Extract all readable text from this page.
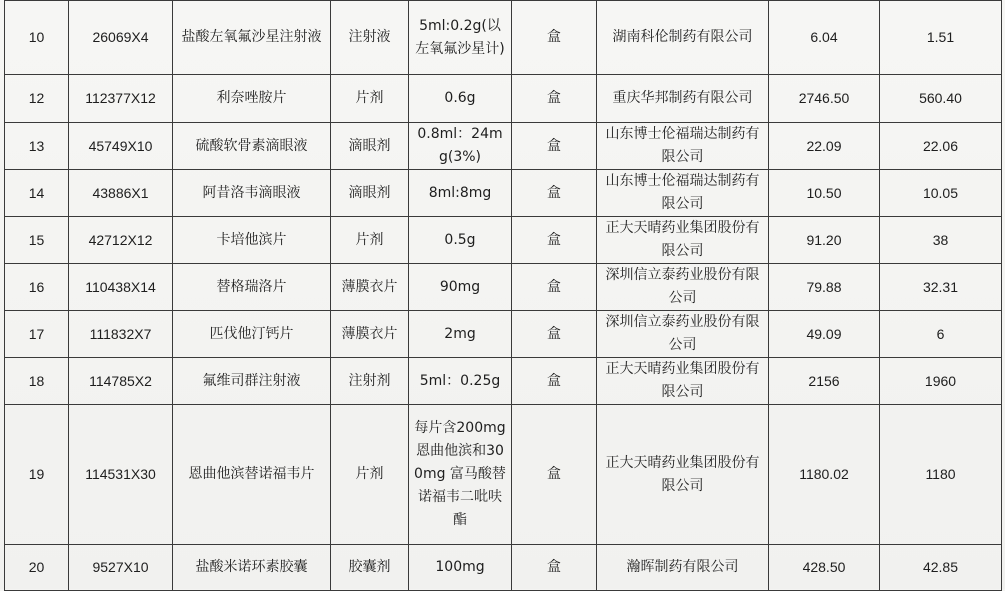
10	26069X4	盐酸左氧氟沙星注射液	注射液	5ml:0.2g(以左氧氟沙星计)	盒	湖南科伦制药有限公司	6.04	1.51
12	112377X12	利奈唑胺片	片剂	0.6g	盒	重庆华邦制药有限公司	2746.50	560.40
13	45749X10	硫酸软骨素滴眼液	滴眼剂	0.8ml：24mg(3%)	盒	山东博士伦福瑞达制药有限公司	22.09	22.06
14	43886X1	阿昔洛韦滴眼液	滴眼剂	8ml:8mg	盒	山东博士伦福瑞达制药有限公司	10.50	10.05
15	42712X12	卡培他滨片	片剂	0.5g	盒	正大天晴药业集团股份有限公司	91.20	38
16	110438X14	替格瑞洛片	薄膜衣片	90mg	盒	深圳信立泰药业股份有限公司	79.88	32.31
17	111832X7	匹伐他汀钙片	薄膜衣片	2mg	盒	深圳信立泰药业股份有限公司	49.09	6
18	114785X2	氟维司群注射液	注射剂	5ml：0.25g	盒	正大天晴药业集团股份有限公司	2156	1960
19	114531X30	恩曲他滨替诺福韦片	片剂	每片含200mg 恩曲他滨和300mg 富马酸替诺福韦二吡呋酯	盒	正大天晴药业集团股份有限公司	1180.02	1180
20	9527X10	盐酸米诺环素胶囊	胶囊剂	100mg	盒	瀚晖制药有限公司	428.50	42.85
